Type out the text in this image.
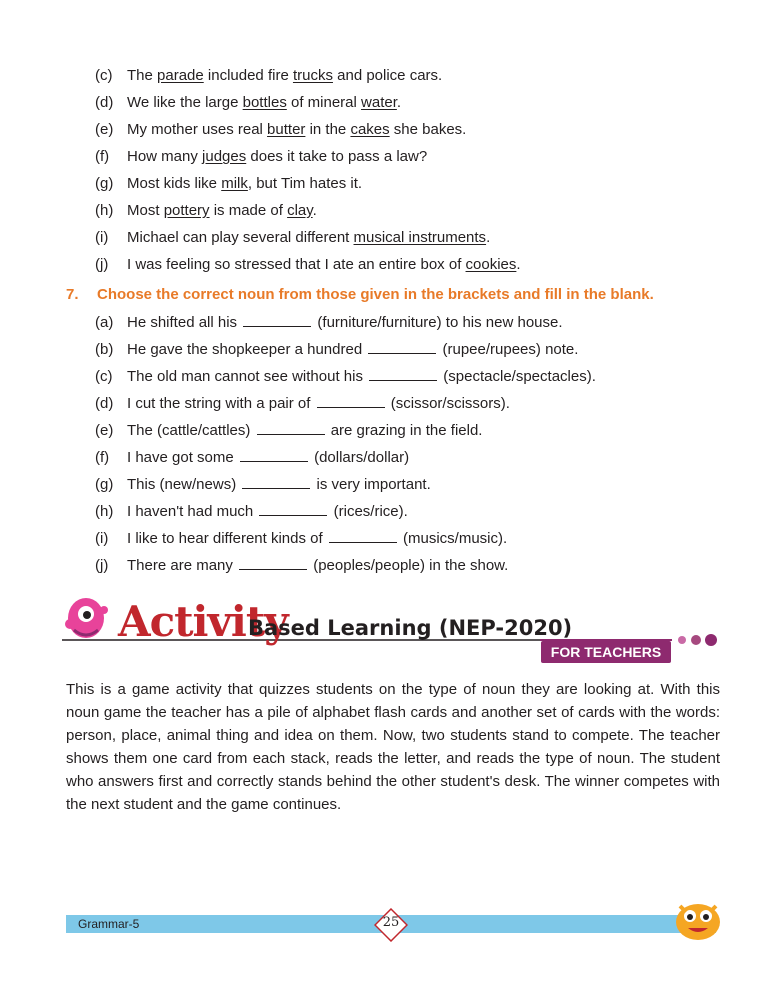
(c) The parade included fire trucks and police cars.
(d) We like the large bottles of mineral water.
(e) My mother uses real butter in the cakes she bakes.
(f)	How many judges does it take to pass a law?
(g) Most kids like milk, but Tim hates it.
(h) Most pottery is made of clay.
(i)	Michael can play several different musical instruments.
(j)	I was feeling so stressed that I ate an entire box of cookies.
7. Choose the correct noun from those given in the brackets and fill in the blank.
(a) He shifted all his	(furniture/furniture) to his new house.
(b) He gave the shopkeeper a hundred	(rupee/rupees) note.
(c) The old man cannot see without his	(spectacle/spectacles).
(d) I cut the string with a pair of	(scissor/scissors).
(e) The (cattle/cattles)	are grazing in the field.
(f)	I have got some	(dollars/dollar)
(g) This (new/news)	is very important.
(h) I haven't had much	(rices/rice).
(i)	I like to hear different kinds of	(musics/music).
(j)	There are many	(peoples/people) in the show.
Activity
Based Learning (NEP-2020)
FOR TEACHERS
This is a game activity that quizzes students on the type of noun they are looking at. With this noun game the teacher has a pile of alphabet flash cards and another set of cards with the words: person, place, animal thing and idea on them. Now, two students stand to compete. The teacher shows them one card from each stack, reads the letter, and reads the type of noun. The student who answers first and correctly stands behind the other student's desk. The winner competes with the next student and the game continues.
Grammar-5	25
